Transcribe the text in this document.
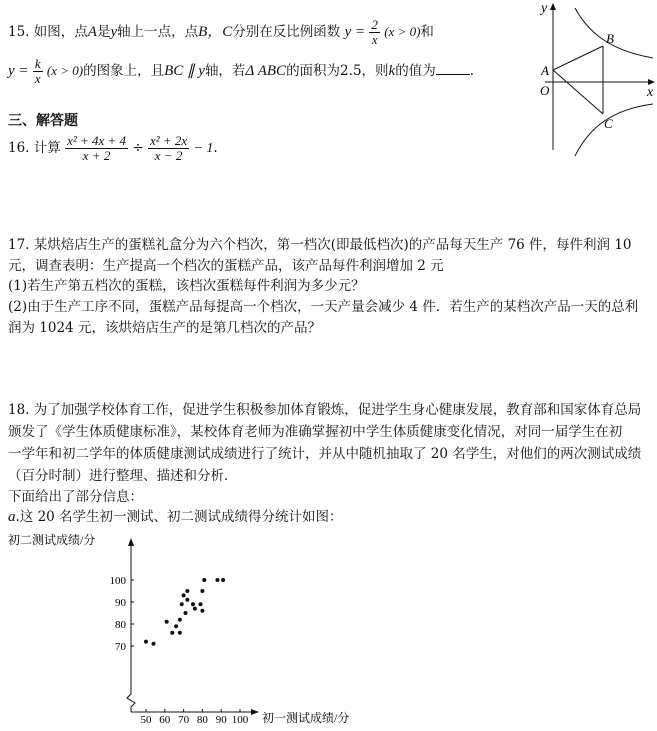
15. 如图，点A是y轴上一点，点B，C分别在反比例函数 $y = \frac{2}{x} (x > 0)$和
$y = \frac{k}{x} (x > 0)$的图象上，且BC ∥ y轴，若Δ ABC的面积为2.5，则k的值为	.
y
x
A
B
C
O
三、解答题
16. 计算 $\frac{\text{x² + 4x + 4}}{x + 2} \div \frac{\text{x² + 2x}}{x - 2} - 1$.
17. 某烘焙店生产的蛋糕礼盒分为六个档次，第一档次(即最低档次)的产品每天生产 76 件，每件利润 10
元，调查表明：生产提高一个档次的蛋糕产品，该产品每件利润增加 2 元
(1)若生产第五档次的蛋糕，该档次蛋糕每件利润为多少元？
(2)由于生产工序不同，蛋糕产品每提高一个档次，一天产量会减少 4 件．若生产的某档次产品一天的总利
润为 1024 元，该烘焙店生产的是第几档次的产品？
18. 为了加强学校体育工作，促进学生积极参加体育锻炼，促进学生身心健康发展，教育部和国家体育总局
颁发了《学生体质健康标准》，某校体育老师为准确掌握初中学生体质健康变化情况，对同一届学生在初
一学年和初二学年的体质健康测试成绩进行了统计，并从中随机抽取了 20 名学生，对他们的两次测试成绩
（百分时制）进行整理、描述和分析．
下面给出了部分信息：
a.这 20 名学生初一测试、初二测试成绩得分统计如图：
初二测试成绩/分
初一测试成绩/分
50 60 70 80 90 100
70
80
90
100
